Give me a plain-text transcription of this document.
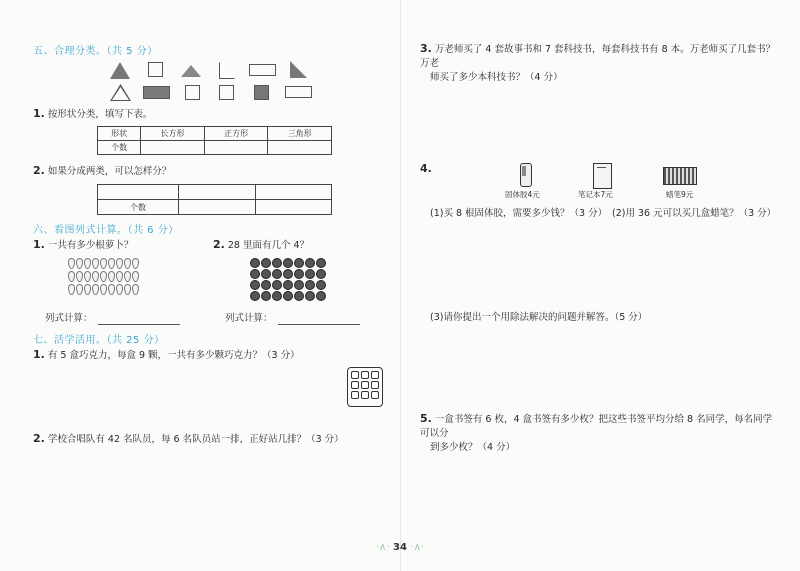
五、合理分类。（共 5 分）
1. 按形状分类，填写下表。
形状	长方形	正方形	三角形
个数			
2. 如果分成两类，可以怎样分？

个数		
六、看图列式计算。（共 6 分）
1. 一共有多少根萝卜？	2. 28 里面有几个 4？

列式计算：	列式计算：
七、活学活用。（共 25 分）
1. 有 5 盒巧克力，每盒 9 颗，一共有多少颗巧克力？（3 分）

2. 学校合唱队有 42 名队员，每 6 名队员站一排，正好站几排？（3 分）
3. 万老师买了 4 套故事书和 7 套科技书，每套科技书有 8 本。万老师买了几套书？万老
师买了多少本科技书？（4 分）
4.
固体胶4元	笔记本7元	蜡笔9元
(1)买 8 根固体胶，需要多少钱？（3 分） (2)用 36 元可以买几盒蜡笔？（3 分）
(3)请你提出一个用除法解决的问题并解答。（5 分）
5. 一盒书签有 6 枚，4 盒书签有多少枚？把这些书签平均分给 8 名同学，每名同学可以分
到多少枚？（4 分）
·∧· 34 ·∧·
